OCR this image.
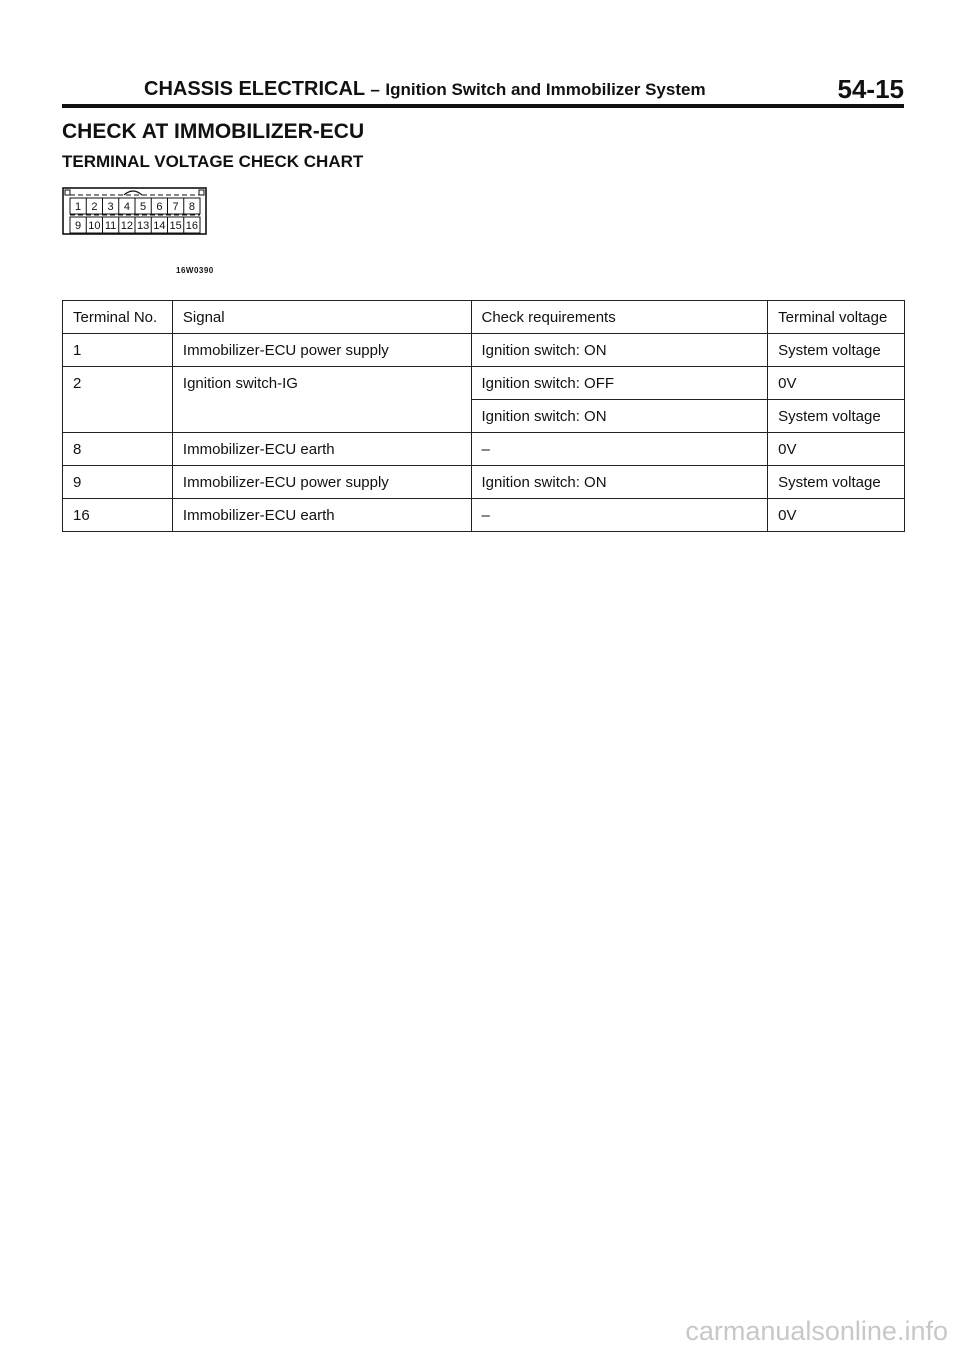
CHASSIS ELECTRICAL – Ignition Switch and Immobilizer System	54-15
CHECK AT IMMOBILIZER-ECU
TERMINAL VOLTAGE CHECK CHART
1 2 3 4 5 6 7 8
9 10 11 12 13 14 15 16
16W0390
Terminal No.	Signal	Check requirements	Terminal voltage
1	Immobilizer-ECU power supply	Ignition switch: ON	System voltage
2	Ignition switch-IG	Ignition switch: OFF	0V
		Ignition switch: ON	System voltage
8	Immobilizer-ECU earth	–	0V
9	Immobilizer-ECU power supply	Ignition switch: ON	System voltage
16	Immobilizer-ECU earth	–	0V
carmanualsonline.info
